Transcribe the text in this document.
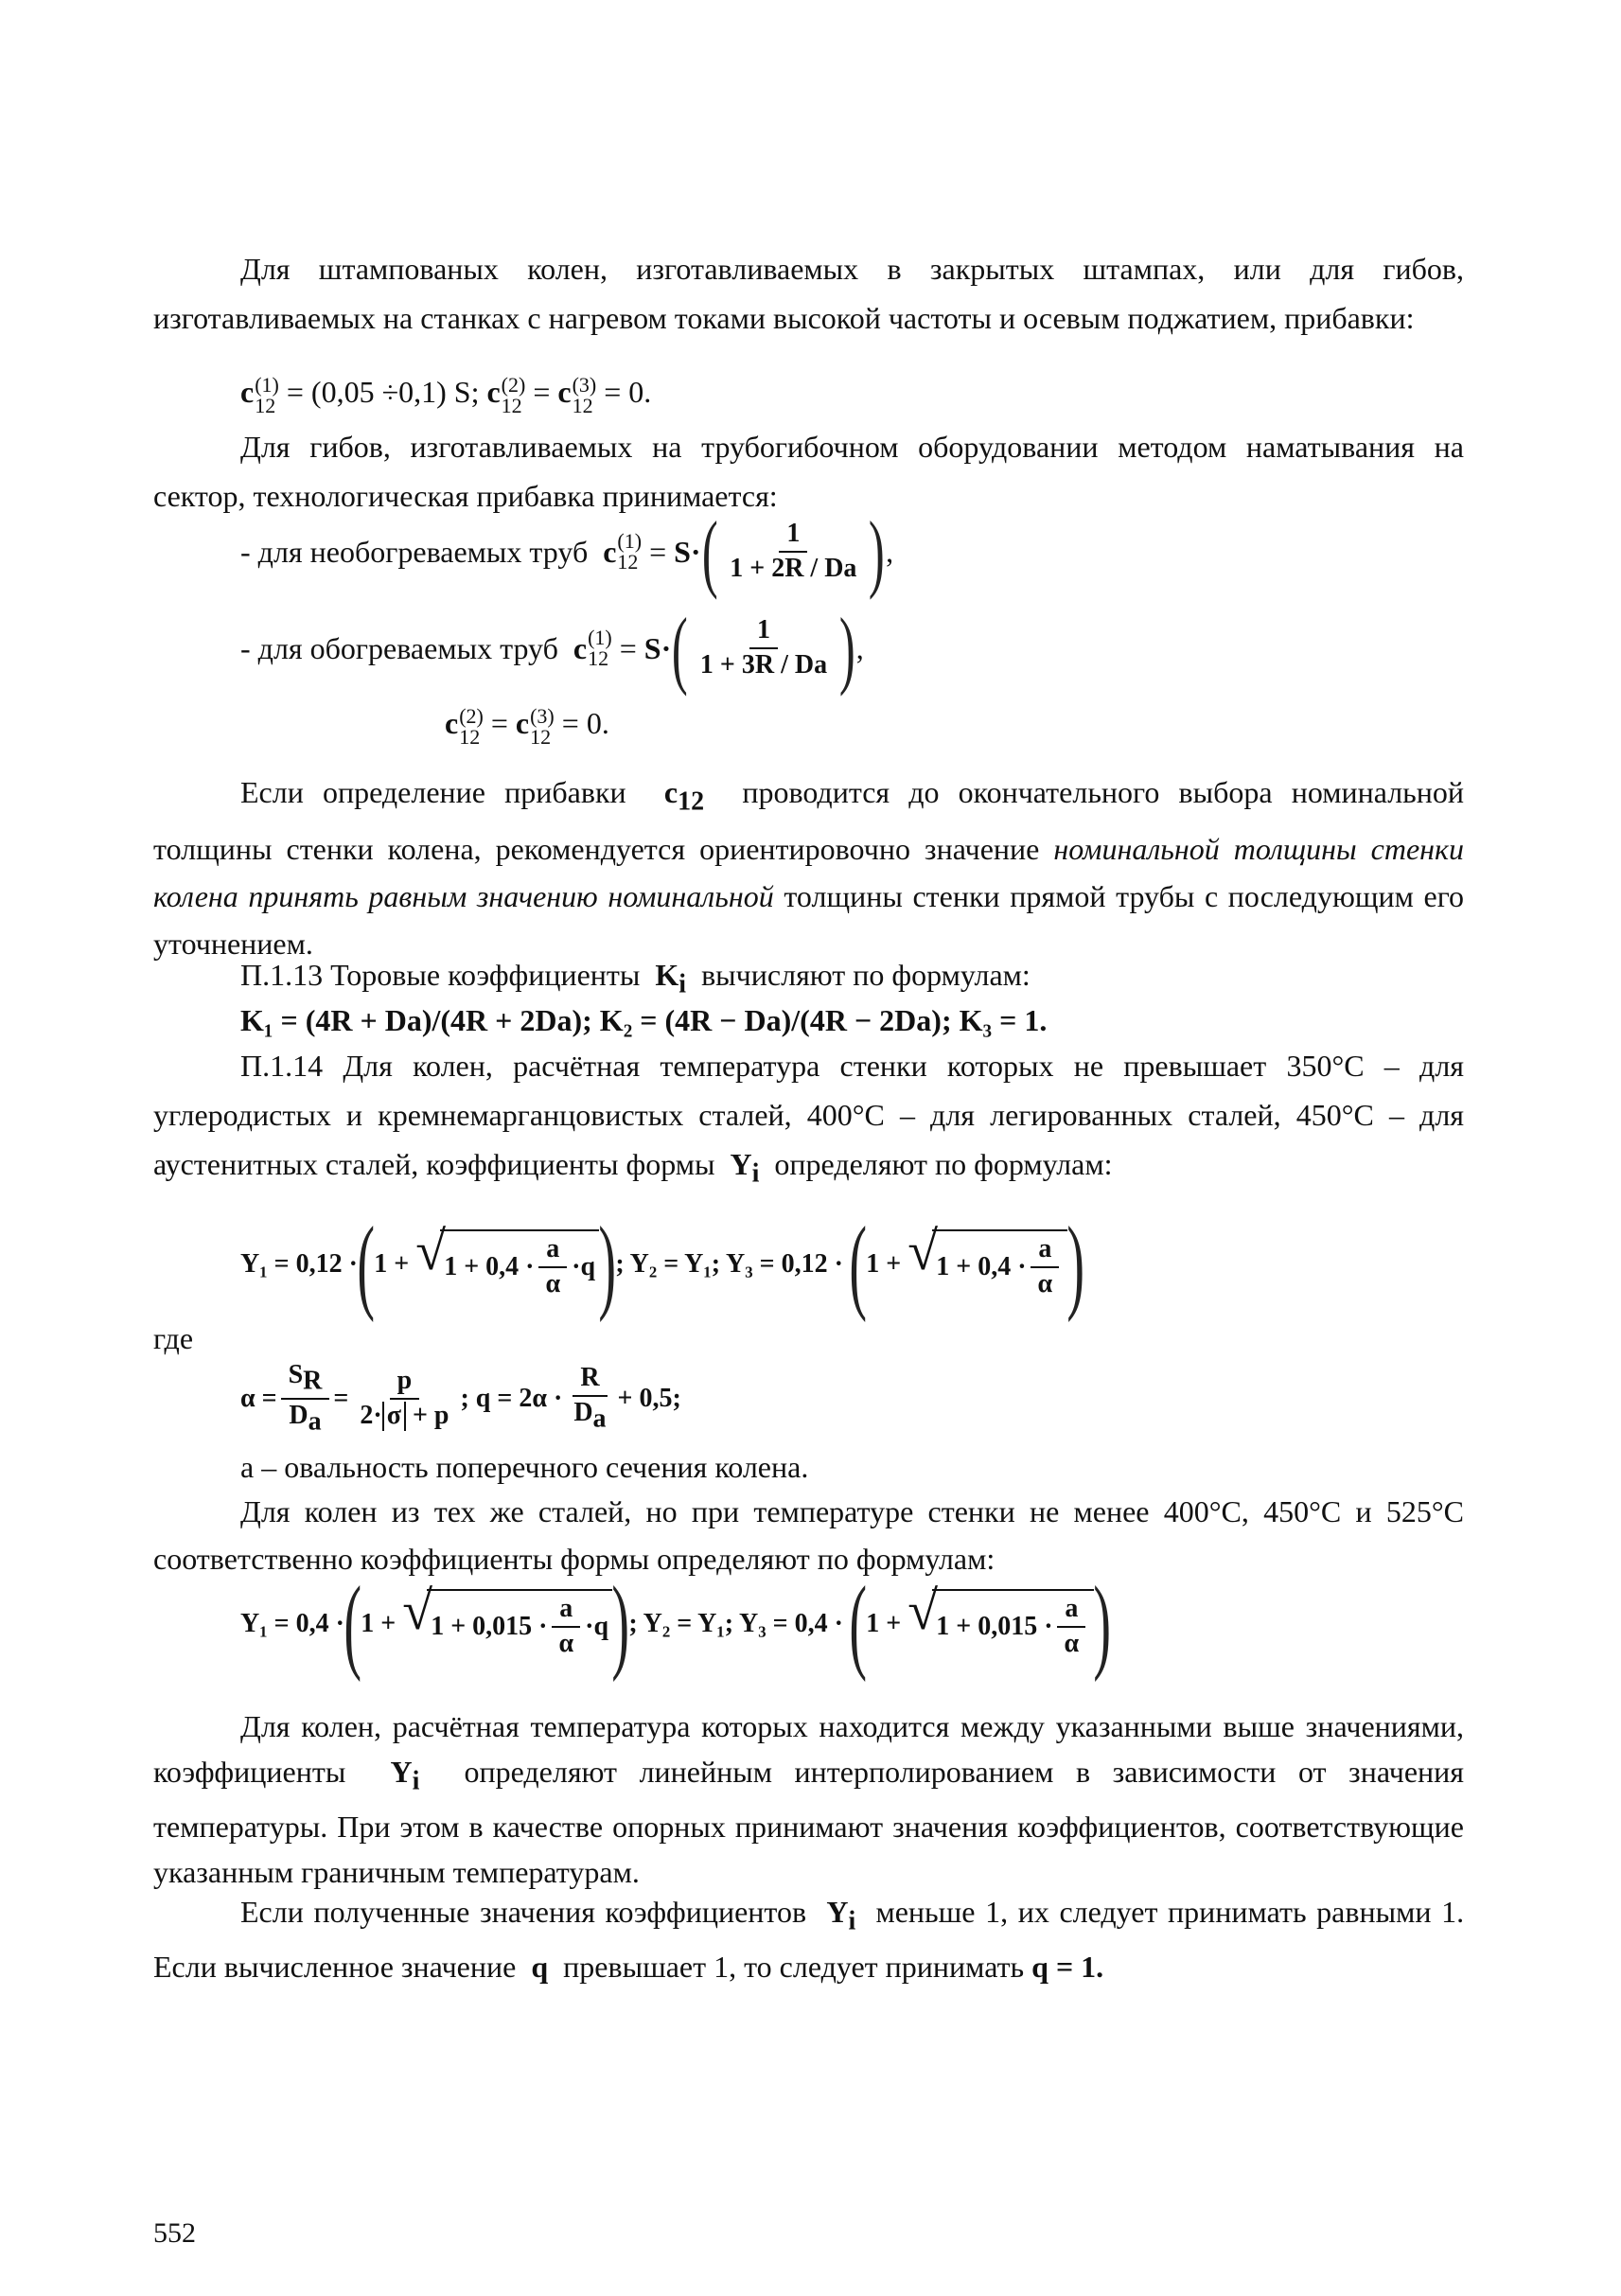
Для штампованых колен, изготавливаемых в закрытых штампах, или для гибов, изготавливаемых на станках с нагревом токами высокой частоты и осевым поджатием, прибавки:

c (1)
12 = (0,05 ÷0,1) S; c (2)
12 = c (3)
12 = 0.

Для гибов, изготавливаемых на трубогибочном оборудовании методом наматывания на сектор, технологическая прибавка принимается:

- для необогреваемых труб
c (1)
12 = S· ( $\frac{1}{1 + 2R / Dа}$ ) ,
- для обогреваемых труб
c (1)
12 = S· ( $\frac{1}{1 + 3R / Dа}$ ) ,
c (2)
12 = c (3)
12 = 0.

Если определение прибавки  $c_{12}$ проводится до окончательного выбора номинальной толщины стенки колена, рекомендуется ориентировочно значение номинальной толщины стенки колена принять равным значению номинальной толщины стенки прямой трубы с последующим его уточнением.

П.1.13 Торовые коэффициенты  $K_i$ вычисляют по формулам:
K₁ = (4R + Dа)/(4R + 2Dа); K₂ = (4R − Dа)/(4R − 2Dа); K₃ = 1.

П.1.14 Для колен, расчётная температура стенки которых не превышает 350°C – для углеродистых и кремнемарганцовистых сталей, 400°C – для легированных сталей, 450°C – для аустенитных сталей, коэффициенты формы  $Y_i$ определяют по формулам:

Y₁ = 0,12 · ( 1 + √
$1 + 0,4 \cdot \frac{a}{\alpha} \cdot q$ ) ; Y₂ = Y₁; Y₃ = 0,12 ·
( 1 + √
$1 + 0,4 \cdot \frac{a}{\alpha}$ )
где
$\alpha = \frac{S_R}{D_а} = \frac{p}{2\cdot \sigma + p}$ ; $q = 2\alpha \cdot \frac{R}{D_а} + 0,5$;
а – овальность поперечного сечения колена.

Для колен из тех же сталей, но при температуре стенки не менее 400°C, 450°C и 525°C соответственно коэффициенты формы определяют по формулам:

Y₁ = 0,4 · ( 1 + √
$1 + 0,015 \cdot \frac{a}{\alpha} \cdot q$ ) ; Y₂ = Y₁; Y₃ = 0,4 ·
( 1 + √
$1 + 0,015 \cdot \frac{a}{\alpha}$ )

Для колен, расчётная температура которых находится между указанными выше значениями, коэффициенты  $Y_i$ определяют линейным интерполированием в зависимости от значения температуры. При этом в качестве опорных принимают значения коэффициентов, соответствующие указанным граничным температурам.

Если полученные значения коэффициентов  $Y_i$ меньше 1, их следует принимать равными 1. Если вычисленное значение  q  превышает 1, то следует принимать q = 1.

552
